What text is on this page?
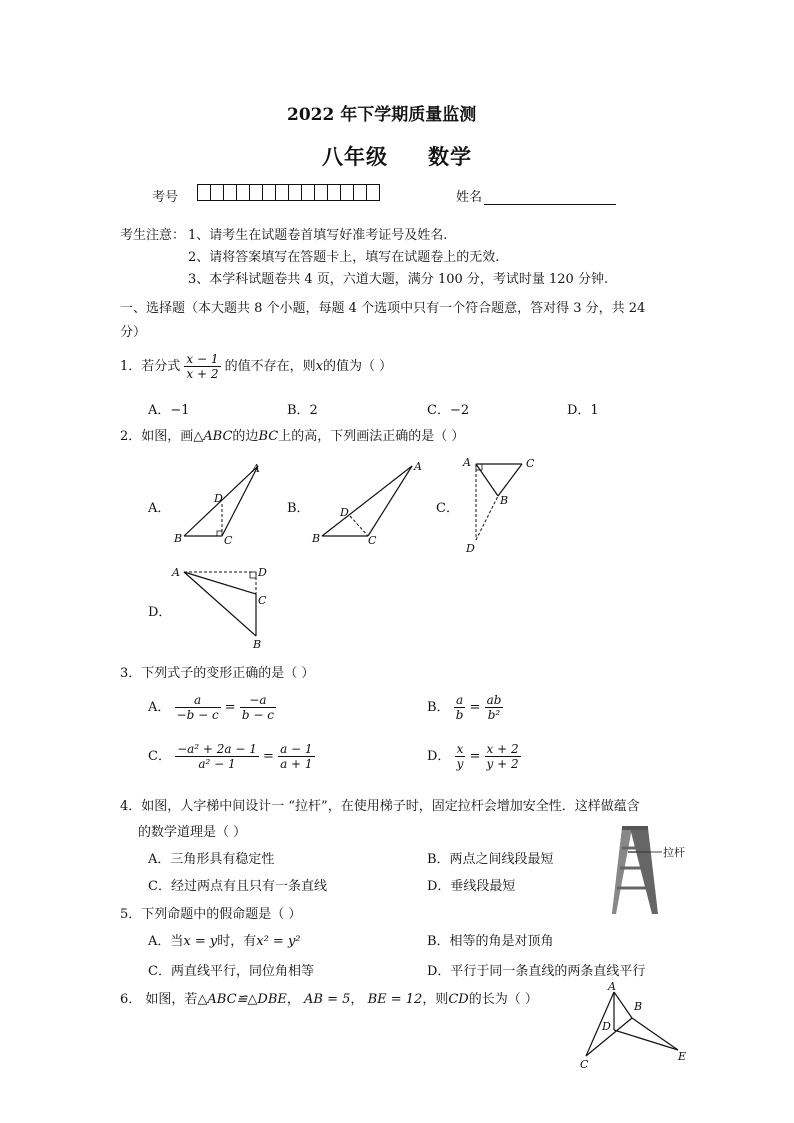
2022 年下学期质量监测
八年级 数学
考号	姓名
考生注意： 1、请考生在试题卷首填写好准考证号及姓名.
2、请将答案填写在答题卡上，填写在试题卷上的无效.
3、本学科试题卷共 4 页，六道大题，满分 100 分，考试时量 120 分钟.
一、选择题（本大题共 8 个小题，每题 4 个选项中只有一个符合题意，答对得 3 分，共 24
分）
1．若分式 $\frac{x - 1}{x + 2}$ 的值不存在，则x的值为（ ）
A．−1	B．2	C．−2	D．1
2．如图，画△ABC的边BC上的高，下列画法正确的是（ ）
A．	B．	C．
D．
A
B	C
D
A
B	C
D
A	C
B
D
A	D
C
B
3．下列式子的变形正确的是（ ）
A． $\frac{a}{-b - c} = \frac{-a}{b - c}$	B． $\frac{a}{b} = \frac{ab}{\text{b²}}$
C． $\frac{\text{−a² + 2a − 1}}{\text{a² − 1}} = \frac{a - 1}{a + 1}$	D． $\frac{x}{y} = \frac{x + 2}{y + 2}$
4．如图，人字梯中间设计一 “拉杆”，在使用梯子时，固定拉杆会增加安全性．这样做蕴含
的数学道理是（ ）
A．三角形具有稳定性	B．两点之间线段最短
C．经过两点有且只有一条直线	D．垂线段最短
拉杆
5．下列命题中的假命题是（ ）
A．当x = y时，有x² = y²	B．相等的角是对顶角
C．两直线平行，同位角相等	D．平行于同一条直线的两条直线平行
6． 如图，若△ABC≌△DBE， AB = 5， BE = 12，则CD的长为（ ）
A
B
D
C
E
